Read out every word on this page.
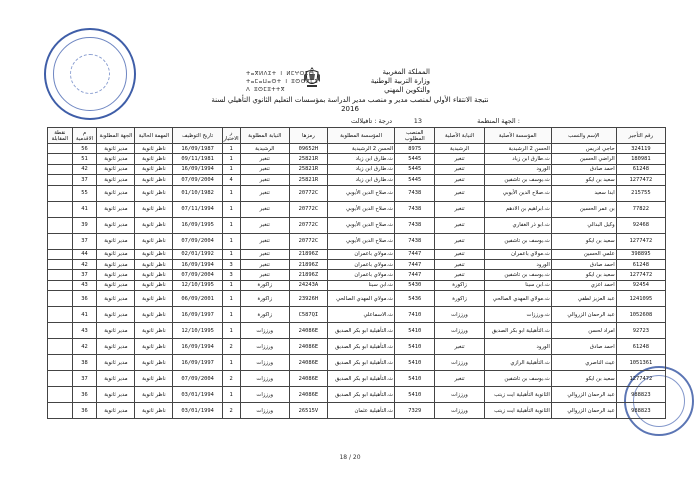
المملكة المغربية
وزارة التربية الوطنية
والتكوين المهني
ⵜⴰⴳⵍⴷⵉⵜ ⵏ ⵍⵎⵖⵔⵉⴱ
ⵜⴰⵎⴰⵡⴰⵙⵜ ⵏ ⵓⵙⵙⴳⵎⵉ
ⴷ ⵓⵙⵎⵓⵜⵜⴳ
نتيجة الانتقاء الأولي لمنصب مدير و منصب مدير الدراسة بمؤسسات التعليم الثانوي التأهيلي لسنة
2016
الجهة المنظمة :
13
درجة : تافيلالت
رقم التأجير	الإسم والنسب	المؤسسة الأصلية	النيابة الأصلية	المنصب المطلوب	المؤسسة المطلوبة	رمزها	النيابة المطلوبة	ر الاختيار	تاريخ التوظيف	المهمة الحالية	الجهة المطلوبة	م الاقدمية	نقطة المقابلة
324119	حاجي ادريس	الحسن 2 الرشيدية	الرشيدية	8975	الحسن 2 الرشيدية	09652H	الرشيدية	1	16/09/1987	ناظر ثانوية	مدير ثانوية	56	
180981	الراضي الحسين	ث.طارق ابن زياد	تنغير	5445	ث.طارق ابن زياد	25821R	تنغير	1	09/11/1981	ناظر ثانوية	مدير ثانوية	51	
61248	احمد صادق	الورود	تنغير	5445	ث.طارق ابن زياد	25821R	تنغير	1	16/09/1994	ناظر ثانوية	مدير ثانوية	42	
1277472	سعيد بن ايكو	ث.يوسف بن تاشفين	تنغير	5445	ث.طارق ابن زياد	25821R	تنغير	4	07/09/2004	ناظر ثانوية	مدير ثانوية	37	
215755	ابدا سعيد	ث.صلاح الدين الأيوبي	تنغير	7438	ث.صلاح الدين الأيوبي	20772C	تنغير	1	01/10/1982	ناظر ثانوية	مدير ثانوية	55	
77822	بن عمر الحسين	ث.ابراهيم بن الادهم	تنغير	7438	ث.صلاح الدين الأيوبي	20772C	تنغير	1	07/11/1994	ناظر ثانوية	مدير ثانوية	41	
92468	وكيل البدالي	ث.ابو ذر الغفاري	تنغير	7438	ث.صلاح الدين الأيوبي	20772C	تنغير	1	16/09/1995	ناظر ثانوية	مدير ثانوية	39	
1277472	سعيد بن ايكو	ث.يوسف بن تاشفين	تنغير	7438	ث.صلاح الدين الأيوبي	20772C	تنغير	1	07/09/2004	ناظر ثانوية	مدير ثانوية	37	
398895	علمي الحسين	ث.مولاي باعمران	تنغير	7447	ث.مولاي باعمران	21896Z	تنغير	1	02/01/1992	ناظر ثانوية	مدير ثانوية	44	
61248	احمد صادق	الورود	تنغير	7447	ث.مولاي باعمران	21896Z	تنغير	3	16/09/1994	ناظر ثانوية	مدير ثانوية	42	
1277472	سعيد بن ايكو	ث.يوسف بن تاشفين	تنغير	7447	ث.مولاي باعمران	21896Z	تنغير	3	07/09/2004	ناظر ثانوية	مدير ثانوية	37	
92454	احمد اعزي	ث.ابن سينا	زاكورة	5430	ث.ابن سينا	24243A	زاكورة	1	12/10/1995	ناظر ثانوية	مدير ثانوية	43	
1241095	عبد العزيز لطفي	ث.مولاي المهدي الصالحي	زاكورة	5436	ث.مولاي المهدي الصالحي	23926H	زاكورة	1	06/09/2001	ناظر ثانوية	مدير ثانوية	36	
1052608	عبد الرحمان الزروالي	ث.ورززات	ورززات	7410	ث.الاسماعلي	C587QI	زاكورة	1	16/09/1997	ناظر ثانوية	مدير ثانوية	41	
92723	امراد لحسن	ث.التأهيلية ابو بكر الصديق	ورززات	5410	ث.التأهيلية ابو بكر الصديق	24086E	ورززات	1	12/10/1995	ناظر ثانوية	مدير ثانوية	43	
61248	احمد صادق	الورود	تنغير	5410	ث.التأهيلية ابو بكر الصديق	24086E	ورززات	2	16/09/1994	ناظر ثانوية	مدير ثانوية	42	
1051361	عيث الناصري	ث.التأهيلية الرازي	ورززات	5410	ث.التأهيلية ابو بكر الصديق	24086E	ورززات	1	16/09/1997	ناظر ثانوية	مدير ثانوية	38	
1277472	سعيد بن ايكو	ث.يوسف بن تاشفين	تنغير	5410	ث.التأهيلية ابو بكر الصديق	24086E	ورززات	2	07/09/2004	ناظر ثانوية	مدير ثانوية	37	
988823	عبد الرحمان الزروالي	الثانوية التأهيلية ايت زينب	ورززات	5410	ث.التأهيلية ابو بكر الصديق	24086E	ورززات	1	03/01/1994	ناظر ثانوية	مدير ثانوية	36	
988823	عبد الرحمان الزروالي	الثانوية التأهيلية ايت زينب	ورززات	7329	ث.التأهيلية عثمان	26515V	ورززات	2	03/01/1994	ناظر ثانوية	مدير ثانوية	36	
18 / 20
